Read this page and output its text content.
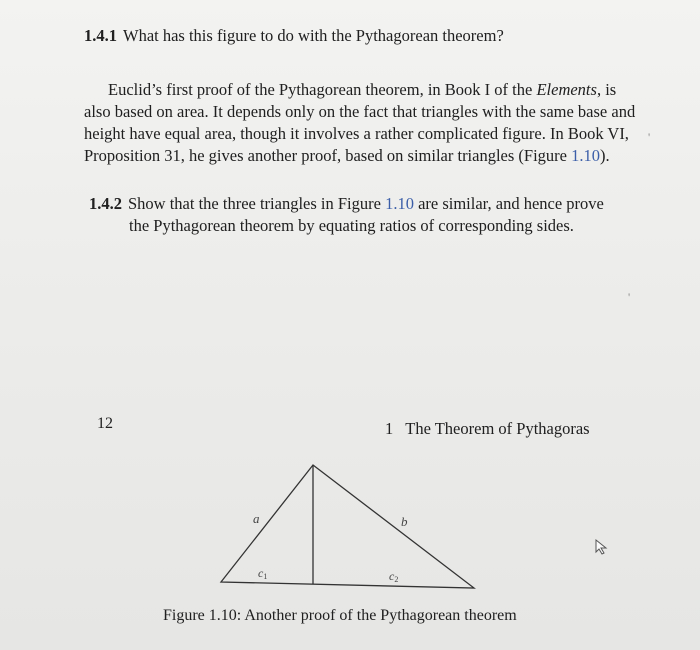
1.4.1 What has this figure to do with the Pythagorean theorem?
Euclid’s first proof of the Pythagorean theorem, in Book I of the Elements, is
also based on area. It depends only on the fact that triangles with the same base and
height have equal area, though it involves a rather complicated figure. In Book VI,
Proposition 31, he gives another proof, based on similar triangles (Figure 1.10).
1.4.2 Show that the three triangles in Figure 1.10 are similar, and hence prove
the Pythagorean theorem by equating ratios of corresponding sides.
12	1 The Theorem of Pythagoras
a	b
c1	c2
Figure 1.10: Another proof of the Pythagorean theorem
'
'
